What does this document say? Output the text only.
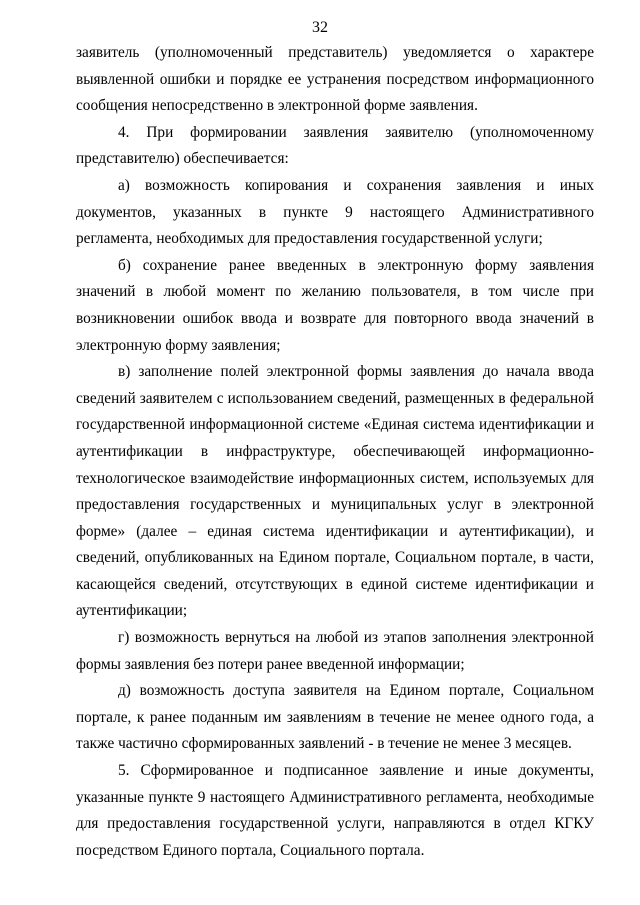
32

заявитель (уполномоченный представитель) уведомляется о характере выявленной ошибки и порядке ее устранения посредством информационного сообщения непосредственно в электронной форме заявления.

4. При формировании заявления заявителю (уполномоченному представителю) обеспечивается:

а) возможность копирования и сохранения заявления и иных документов, указанных в пункте 9 настоящего Административного регламента, необходимых для предоставления государственной услуги;

б) сохранение ранее введенных в электронную форму заявления значений в любой момент по желанию пользователя, в том числе при возникновении ошибок ввода и возврате для повторного ввода значений в электронную форму заявления;

в) заполнение полей электронной формы заявления до начала ввода сведений заявителем с использованием сведений, размещенных в федеральной государственной информационной системе «Единая система идентификации и аутентификации в инфраструктуре, обеспечивающей информационно-технологическое взаимодействие информационных систем, используемых для предоставления государственных и муниципальных услуг в электронной форме» (далее – единая система идентификации и аутентификации), и сведений, опубликованных на Едином портале, Социальном портале, в части, касающейся сведений, отсутствующих в единой системе идентификации и аутентификации;

г) возможность вернуться на любой из этапов заполнения электронной формы заявления без потери ранее введенной информации;

д) возможность доступа заявителя на Едином портале, Социальном портале, к ранее поданным им заявлениям в течение не менее одного года, а также частично сформированных заявлений - в течение не менее 3 месяцев.

5. Сформированное и подписанное заявление и иные документы, указанные пункте 9 настоящего Административного регламента, необходимые для предоставления государственной услуги, направляются в отдел КГКУ посредством Единого портала, Социального портала.
